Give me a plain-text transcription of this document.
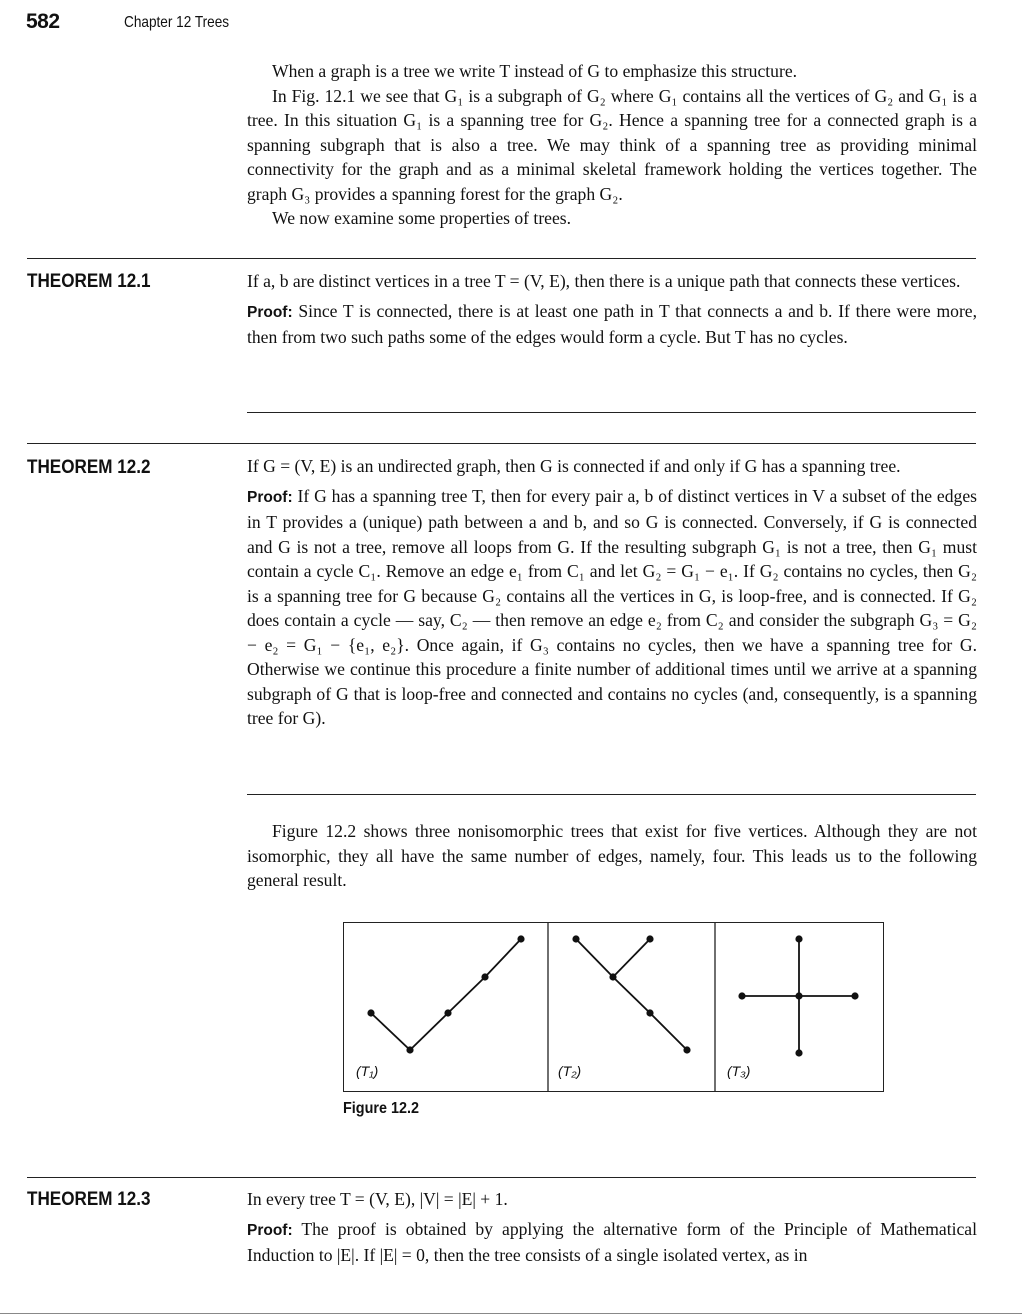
582	Chapter 12 Trees

When a graph is a tree we write T instead of G to emphasize this structure.

In Fig. 12.1 we see that G₁ is a subgraph of G₂ where G₁ contains all the vertices of G₂ and G₁ is a tree. In this situation G₁ is a spanning tree for G₂. Hence a spanning tree for a connected graph is a spanning subgraph that is also a tree. We may think of a spanning tree as providing minimal connectivity for the graph and as a minimal skeletal framework holding the vertices together. The graph G₃ provides a spanning forest for the graph G₂.

We now examine some properties of trees.

THEOREM 12.1	If a, b are distinct vertices in a tree T = (V, E), then there is a unique path that connects these vertices.

Proof: Since T is connected, there is at least one path in T that connects a and b. If there were more, then from two such paths some of the edges would form a cycle. But T has no cycles.

THEOREM 12.2	If G = (V, E) is an undirected graph, then G is connected if and only if G has a spanning tree.

Proof: If G has a spanning tree T, then for every pair a, b of distinct vertices in V a subset of the edges in T provides a (unique) path between a and b, and so G is connected. Conversely, if G is connected and G is not a tree, remove all loops from G. If the resulting subgraph G₁ is not a tree, then G₁ must contain a cycle C₁. Remove an edge e₁ from C₁ and let G₂ = G₁ − e₁. If G₂ contains no cycles, then G₂ is a spanning tree for G because G₂ contains all the vertices in G, is loop-free, and is connected. If G₂ does contain a cycle — say, C₂ — then remove an edge e₂ from C₂ and consider the subgraph G₃ = G₂ − e₂ = G₁ − {e₁, e₂}. Once again, if G₃ contains no cycles, then we have a spanning tree for G. Otherwise we continue this procedure a finite number of additional times until we arrive at a spanning subgraph of G that is loop-free and connected and contains no cycles (and, consequently, is a spanning tree for G).

Figure 12.2 shows three nonisomorphic trees that exist for five vertices. Although they are not isomorphic, they all have the same number of edges, namely, four. This leads us to the following general result.

(T₁)	(T₂)	(T₃)
Figure 12.2
THEOREM 12.3	In every tree T = (V, E), |V| = |E| + 1.

Proof: The proof is obtained by applying the alternative form of the Principle of Mathematical Induction to |E|. If |E| = 0, then the tree consists of a single isolated vertex, as in
